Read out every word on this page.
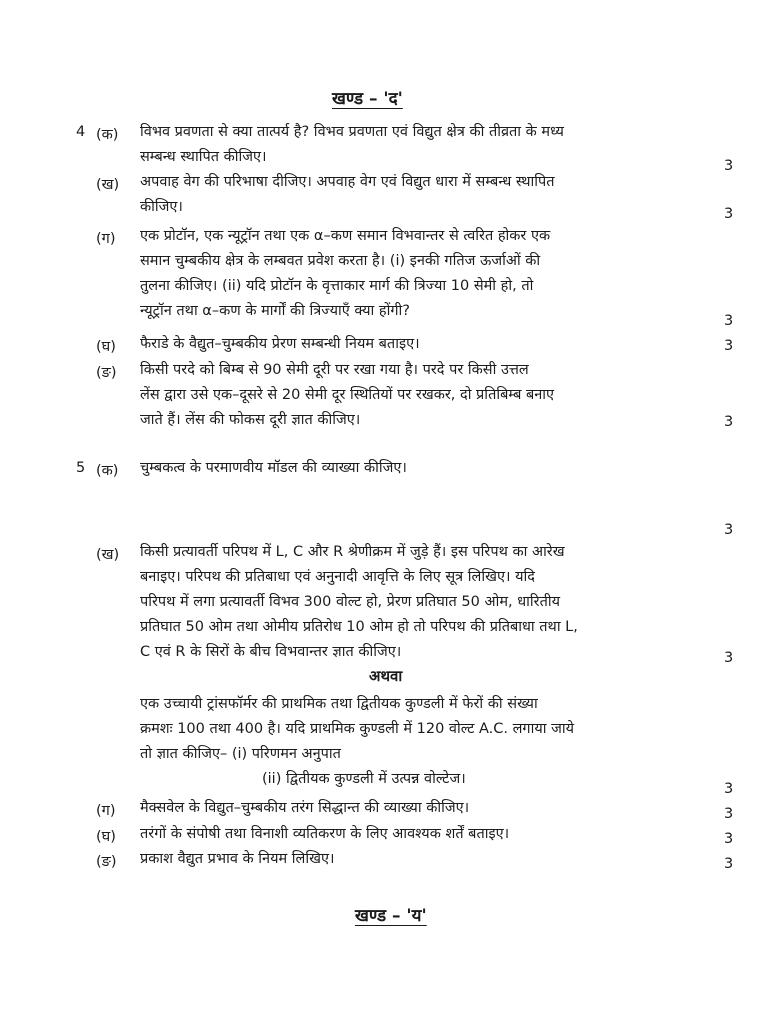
खण्ड – 'द'
4 (क) विभव प्रवणता से क्या तात्पर्य है? विभव प्रवणता एवं विद्युत क्षेत्र की तीव्रता के मध्य
सम्बन्ध स्थापित कीजिए।
3
(ख) अपवाह वेग की परिभाषा दीजिए। अपवाह वेग एवं विद्युत धारा में सम्बन्ध स्थापित
कीजिए।	3
(ग) एक प्रोटॉन, एक न्यूट्रॉन तथा एक α–कण समान विभवान्तर से त्वरित होकर एक
समान चुम्बकीय क्षेत्र के लम्बवत प्रवेश करता है। (i) इनकी गतिज ऊर्जाओं की
तुलना कीजिए। (ii) यदि प्रोटॉन के वृत्ताकार मार्ग की त्रिज्या 10 सेमी हो, तो
न्यूट्रॉन तथा α–कण के मार्गों की त्रिज्याएँ क्या होंगी?
3
(घ) फैराडे के वैद्युत–चुम्बकीय प्रेरण सम्बन्धी नियम बताइए।	3
(ङ) किसी परदे को बिम्ब से 90 सेमी दूरी पर रखा गया है। परदे पर किसी उत्तल
लेंस द्वारा उसे एक–दूसरे से 20 सेमी दूर स्थितियों पर रखकर, दो प्रतिबिम्ब बनाए
जाते हैं। लेंस की फोकस दूरी ज्ञात कीजिए।	3
5 (क) चुम्बकत्व के परमाणवीय मॉडल की व्याख्या कीजिए।
3
(ख) किसी प्रत्यावर्ती परिपथ में L, C और R श्रेणीक्रम में जुड़े हैं। इस परिपथ का आरेख
बनाइए। परिपथ की प्रतिबाधा एवं अनुनादी आवृत्ति के लिए सूत्र लिखिए। यदि
परिपथ में लगा प्रत्यावर्ती विभव 300 वोल्ट हो, प्रेरण प्रतिघात 50 ओम, धारितीय
प्रतिघात 50 ओम तथा ओमीय प्रतिरोध 10 ओम हो तो परिपथ की प्रतिबाधा तथा L,
C एवं R के सिरों के बीच विभवान्तर ज्ञात कीजिए।	3
अथवा
एक उच्चायी ट्रांसफॉर्मर की प्राथमिक तथा द्वितीयक कुण्डली में फेरों की संख्या
क्रमशः 100 तथा 400 है। यदि प्राथमिक कुण्डली में 120 वोल्ट A.C. लगाया जाये
तो ज्ञात कीजिए– (i) परिणमन अनुपात
(ii) द्वितीयक कुण्डली में उत्पन्न वोल्टेज।
3
(ग) मैक्सवेल के विद्युत–चुम्बकीय तरंग सिद्धान्त की व्याख्या कीजिए।	3
(घ) तरंगों के संपोषी तथा विनाशी व्यतिकरण के लिए आवश्यक शर्तें बताइए।	3
(ङ) प्रकाश वैद्युत प्रभाव के नियम लिखिए।	3
खण्ड – 'य'
